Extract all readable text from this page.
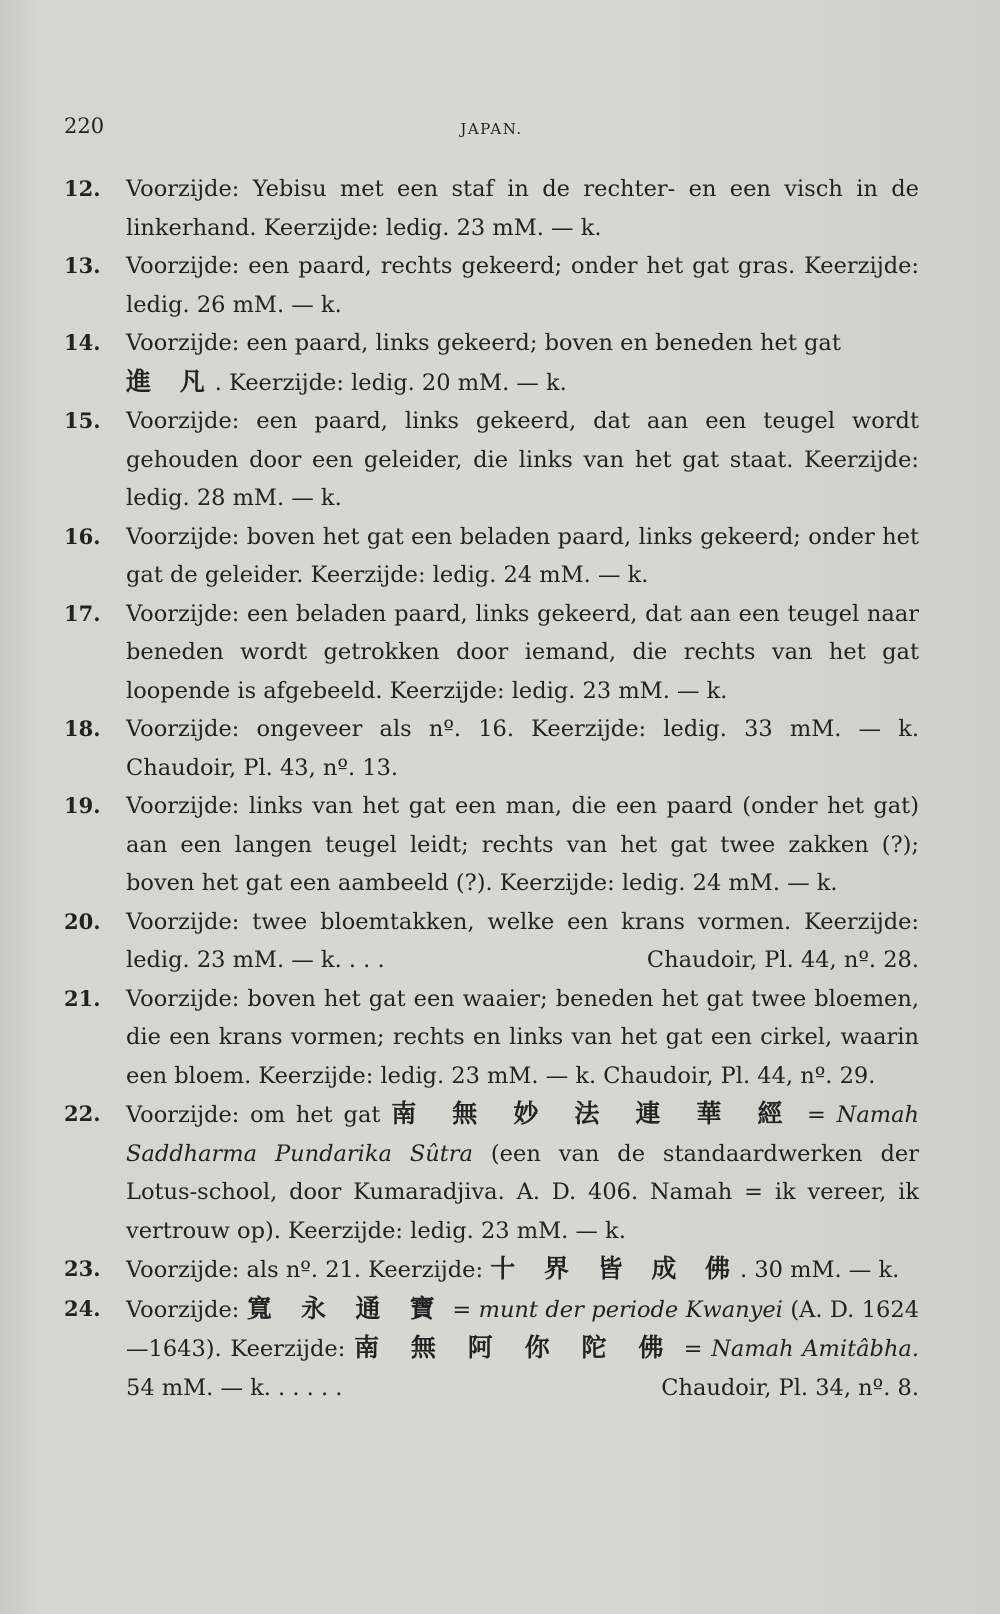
220	JAPAN.
12. Voorzijde: Yebisu met een staf in de rechter- en een visch in de linkerhand. Keerzijde: ledig. 23 mM. — k.
13. Voorzijde: een paard, rechts gekeerd; onder het gat gras. Keerzijde: ledig. 26 mM. — k.
14. Voorzijde: een paard, links gekeerd; boven en beneden het gat
進 凡. Keerzijde: ledig. 20 mM. — k.
15. Voorzijde: een paard, links gekeerd, dat aan een teugel wordt gehouden door een geleider, die links van het gat staat. Keerzijde: ledig. 28 mM. — k.
16. Voorzijde: boven het gat een beladen paard, links gekeerd; onder het gat de geleider. Keerzijde: ledig. 24 mM. — k.
17. Voorzijde: een beladen paard, links gekeerd, dat aan een teugel naar beneden wordt getrokken door iemand, die rechts van het gat loopende is afgebeeld. Keerzijde: ledig. 23 mM. — k.
18. Voorzijde: ongeveer als nº. 16. Keerzijde: ledig. 33 mM. — k. Chaudoir, Pl. 43, nº. 13.
19. Voorzijde: links van het gat een man, die een paard (onder het gat) aan een langen teugel leidt; rechts van het gat twee zakken (?); boven het gat een aambeeld (?). Keerzijde: ledig. 24 mM. — k.
20. Voorzijde: twee bloemtakken, welke een krans vormen. Keerzijde: ledig. 23 mM. — k. . . .	Chaudoir, Pl. 44, nº. 28.
21. Voorzijde: boven het gat een waaier; beneden het gat twee bloemen, die een krans vormen; rechts en links van het gat een cirkel, waarin een bloem. Keerzijde: ledig. 23 mM. — k. Chaudoir, Pl. 44, nº. 29.
22. Voorzijde: om het gat 南 無 妙 法 連 華 經 = Namah Saddharma Pundarika Sûtra (een van de standaardwerken der Lotus-school, door Kumaradjiva. A. D. 406. Namah = ik vereer, ik vertrouw op). Keerzijde: ledig. 23 mM. — k.
23. Voorzijde: als nº. 21. Keerzijde: 十 界 皆 成 佛. 30 mM. — k.
24. Voorzijde: 寬 永 通 寶 = munt der periode Kwanyei (A. D. 1624—1643). Keerzijde: 南 無 阿 你 陀 佛 = Namah Amitâbha. 54 mM. — k. . . . . .	Chaudoir, Pl. 34, nº. 8.
